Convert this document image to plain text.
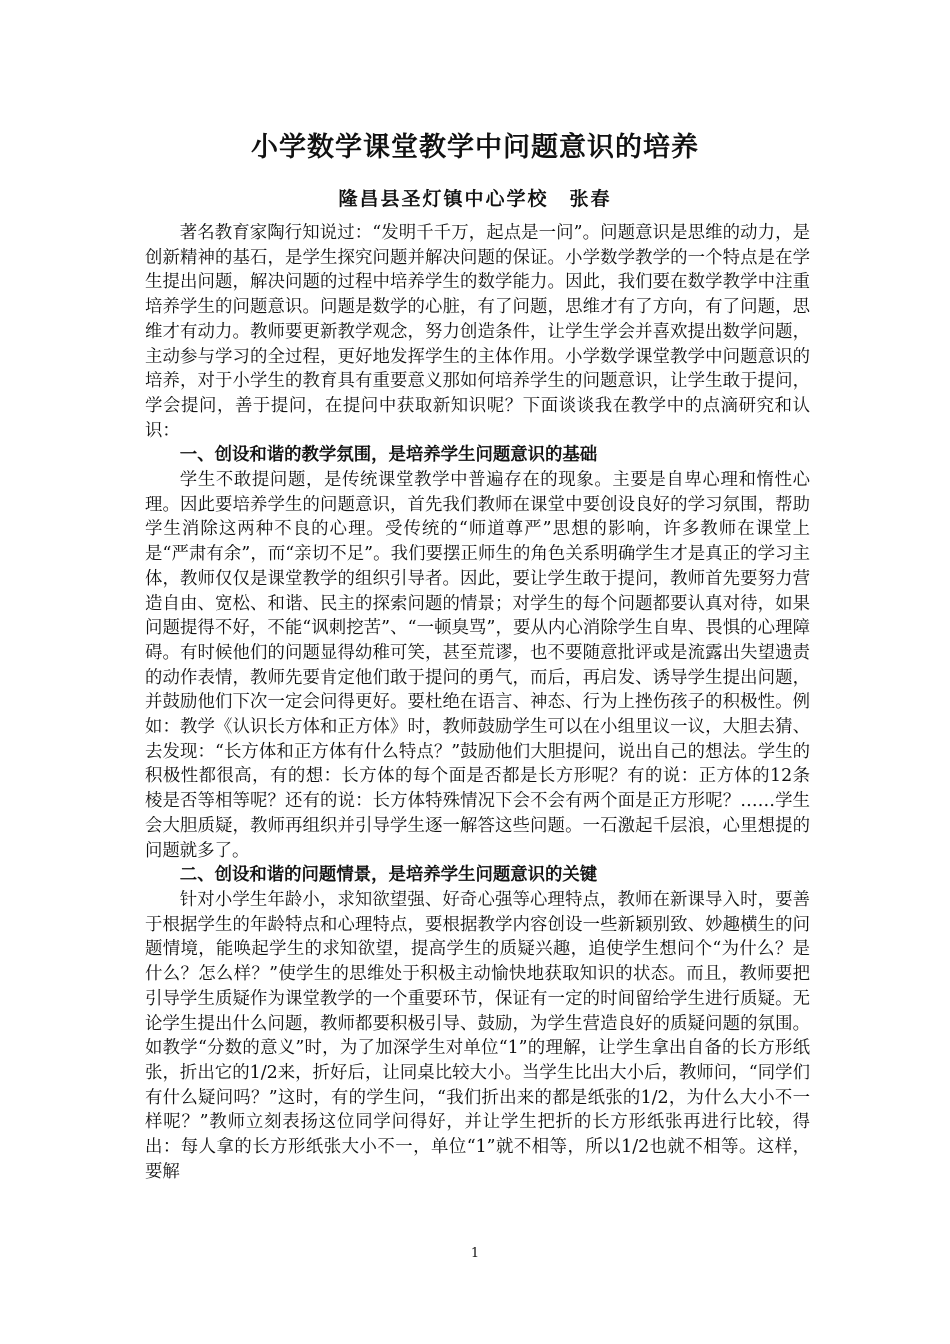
小学数学课堂教学中问题意识的培养
隆昌县圣灯镇中心学校　张春

著名教育家陶行知说过：“发明千千万，起点是一问”。问题意识是思维的动力，是创新精神的基石，是学生探究问题并解决问题的保证。小学数学教学的一个特点是在学生提出问题，解决问题的过程中培养学生的数学能力。因此，我们要在数学教学中注重培养学生的问题意识。问题是数学的心脏，有了问题，思维才有了方向，有了问题，思维才有动力。教师要更新教学观念，努力创造条件，让学生学会并喜欢提出数学问题，主动参与学习的全过程，更好地发挥学生的主体作用。小学数学课堂教学中问题意识的培养，对于小学生的教育具有重要意义那如何培养学生的问题意识，让学生敢于提问，学会提问，善于提问，在提问中获取新知识呢？下面谈谈我在教学中的点滴研究和认识：

一、创设和谐的教学氛围，是培养学生问题意识的基础

学生不敢提问题，是传统课堂教学中普遍存在的现象。主要是自卑心理和惰性心理。因此要培养学生的问题意识，首先我们教师在课堂中要创设良好的学习氛围，帮助学生消除这两种不良的心理。受传统的“师道尊严”思想的影响，许多教师在课堂上是“严肃有余”，而“亲切不足”。我们要摆正师生的角色关系明确学生才是真正的学习主体，教师仅仅是课堂教学的组织引导者。因此，要让学生敢于提问，教师首先要努力营造自由、宽松、和谐、民主的探索问题的情景；对学生的每个问题都要认真对待，如果问题提得不好，不能“讽刺挖苦”、“一顿臭骂”，要从内心消除学生自卑、畏惧的心理障碍。有时候他们的问题显得幼稚可笑，甚至荒谬，也不要随意批评或是流露出失望遗责的动作表情，教师先要肯定他们敢于提问的勇气，而后，再启发、诱导学生提出问题，并鼓励他们下次一定会问得更好。要杜绝在语言、神态、行为上挫伤孩子的积极性。例如：教学《认识长方体和正方体》时，教师鼓励学生可以在小组里议一议，大胆去猜、去发现：“长方体和正方体有什么特点？”鼓励他们大胆提问，说出自己的想法。学生的积极性都很高，有的想：长方体的每个面是否都是长方形呢？有的说：正方体的12条棱是否等相等呢？还有的说：长方体特殊情况下会不会有两个面是正方形呢？……学生会大胆质疑，教师再组织并引导学生逐一解答这些问题。一石激起千层浪，心里想提的问题就多了。

二、创设和谐的问题情景，是培养学生问题意识的关键

针对小学生年龄小，求知欲望强、好奇心强等心理特点，教师在新课导入时，要善于根据学生的年龄特点和心理特点，要根据教学内容创设一些新颖别致、妙趣横生的问题情境，能唤起学生的求知欲望，提高学生的质疑兴趣，追使学生想问个“为什么？是什么？怎么样？”使学生的思维处于积极主动愉快地获取知识的状态。而且，教师要把引导学生质疑作为课堂教学的一个重要环节，保证有一定的时间留给学生进行质疑。无论学生提出什么问题，教师都要积极引导、鼓励，为学生营造良好的质疑问题的氛围。如教学“分数的意义”时，为了加深学生对单位“1”的理解，让学生拿出自备的长方形纸张，折出它的1/2来，折好后，让同桌比较大小。当学生比出大小后，教师问，“同学们有什么疑问吗？”这时，有的学生问，“我们折出来的都是纸张的1/2，为什么大小不一样呢？”教师立刻表扬这位同学问得好，并让学生把折的长方形纸张再进行比较，得出：每人拿的长方形纸张大小不一，单位“1”就不相等，所以1/2也就不相等。这样，要解

1
